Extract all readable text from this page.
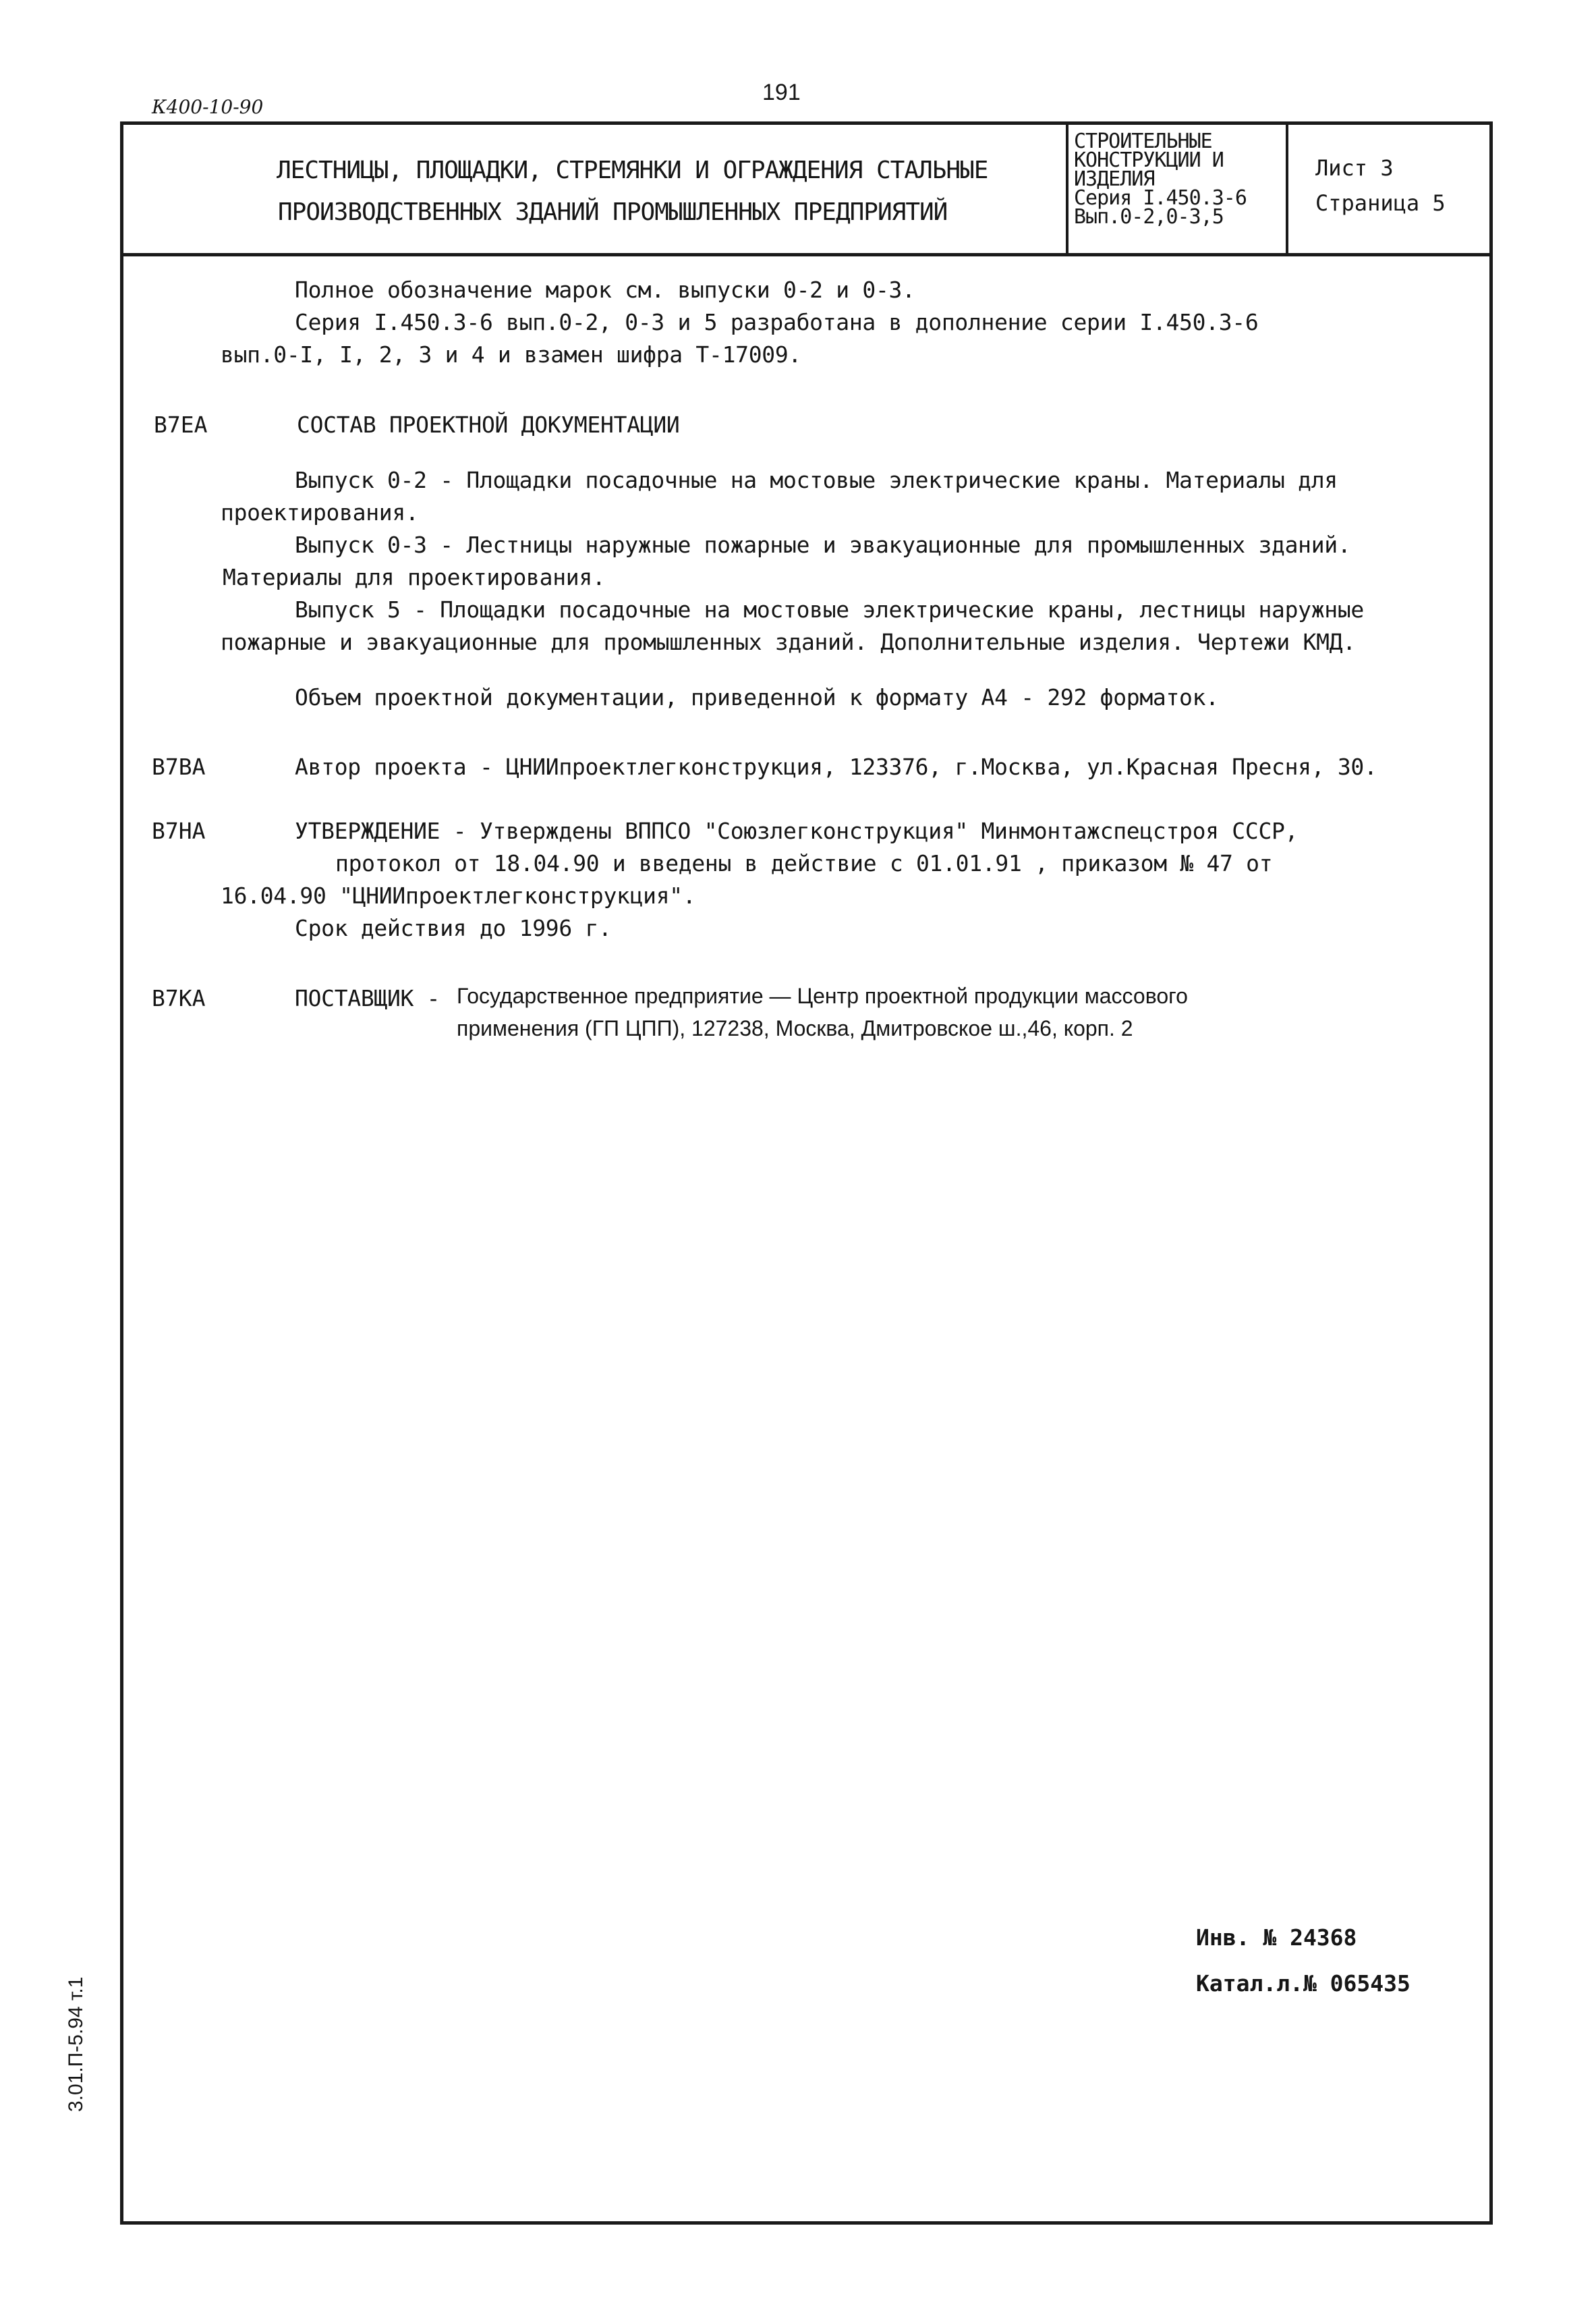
191
К400-10-90
ЛЕСТНИЦЫ, ПЛОЩАДКИ, СТРЕМЯНКИ И ОГРАЖДЕНИЯ СТАЛЬНЫЕ
ПРОИЗВОДСТВЕННЫХ ЗДАНИЙ ПРОМЫШЛЕННЫХ ПРЕДПРИЯТИЙ
СТРОИТЕЛЬНЫЕ
КОНСТРУКЦИИ И
ИЗДЕЛИЯ
Серия I.450.3-6
Вып.0-2,0-3,5
Лист 3
Страница 5
Полное обозначение марок см. выпуски 0-2 и 0-3.
Серия I.450.3-6 вып.0-2, 0-3 и 5 разработана в дополнение серии I.450.3-6
вып.0-I, I, 2, 3 и 4 и взамен шифра Т-17009.
В7ЕА	СОСТАВ ПРОЕКТНОЙ ДОКУМЕНТАЦИИ
Выпуск 0-2 - Площадки посадочные на мостовые электрические краны. Материалы для
проектирования.
Выпуск 0-3 - Лестницы наружные пожарные и эвакуационные для промышленных зданий.
Материалы для проектирования.
Выпуск 5 - Площадки посадочные на мостовые электрические краны, лестницы наружные
пожарные и эвакуационные для промышленных зданий. Дополнительные изделия. Чертежи КМД.
Объем проектной документации, приведенной к формату А4 - 292 форматок.
В7ВА	Автор проекта - ЦНИИпроектлегконструкция, 123376, г.Москва, ул.Красная Пресня, 30.
В7НА	УТВЕРЖДЕНИЕ - Утверждены ВППСО "Союзлегконструкция" Минмонтажспецстроя СССР,
протокол от 18.04.90 и введены в действие с 01.01.91 , приказом № 47 от
16.04.90 "ЦНИИпроектлегконструкция".
Срок действия до 1996 г.
В7КА	ПОСТАВЩИК - Государственное предприятие — Центр проектной продукции массового
применения (ГП ЦПП), 127238, Москва, Дмитровское ш.,46, корп. 2
Инв. № 24368
Катал.л.№ 065435
3.01.П-5.94 т.1
